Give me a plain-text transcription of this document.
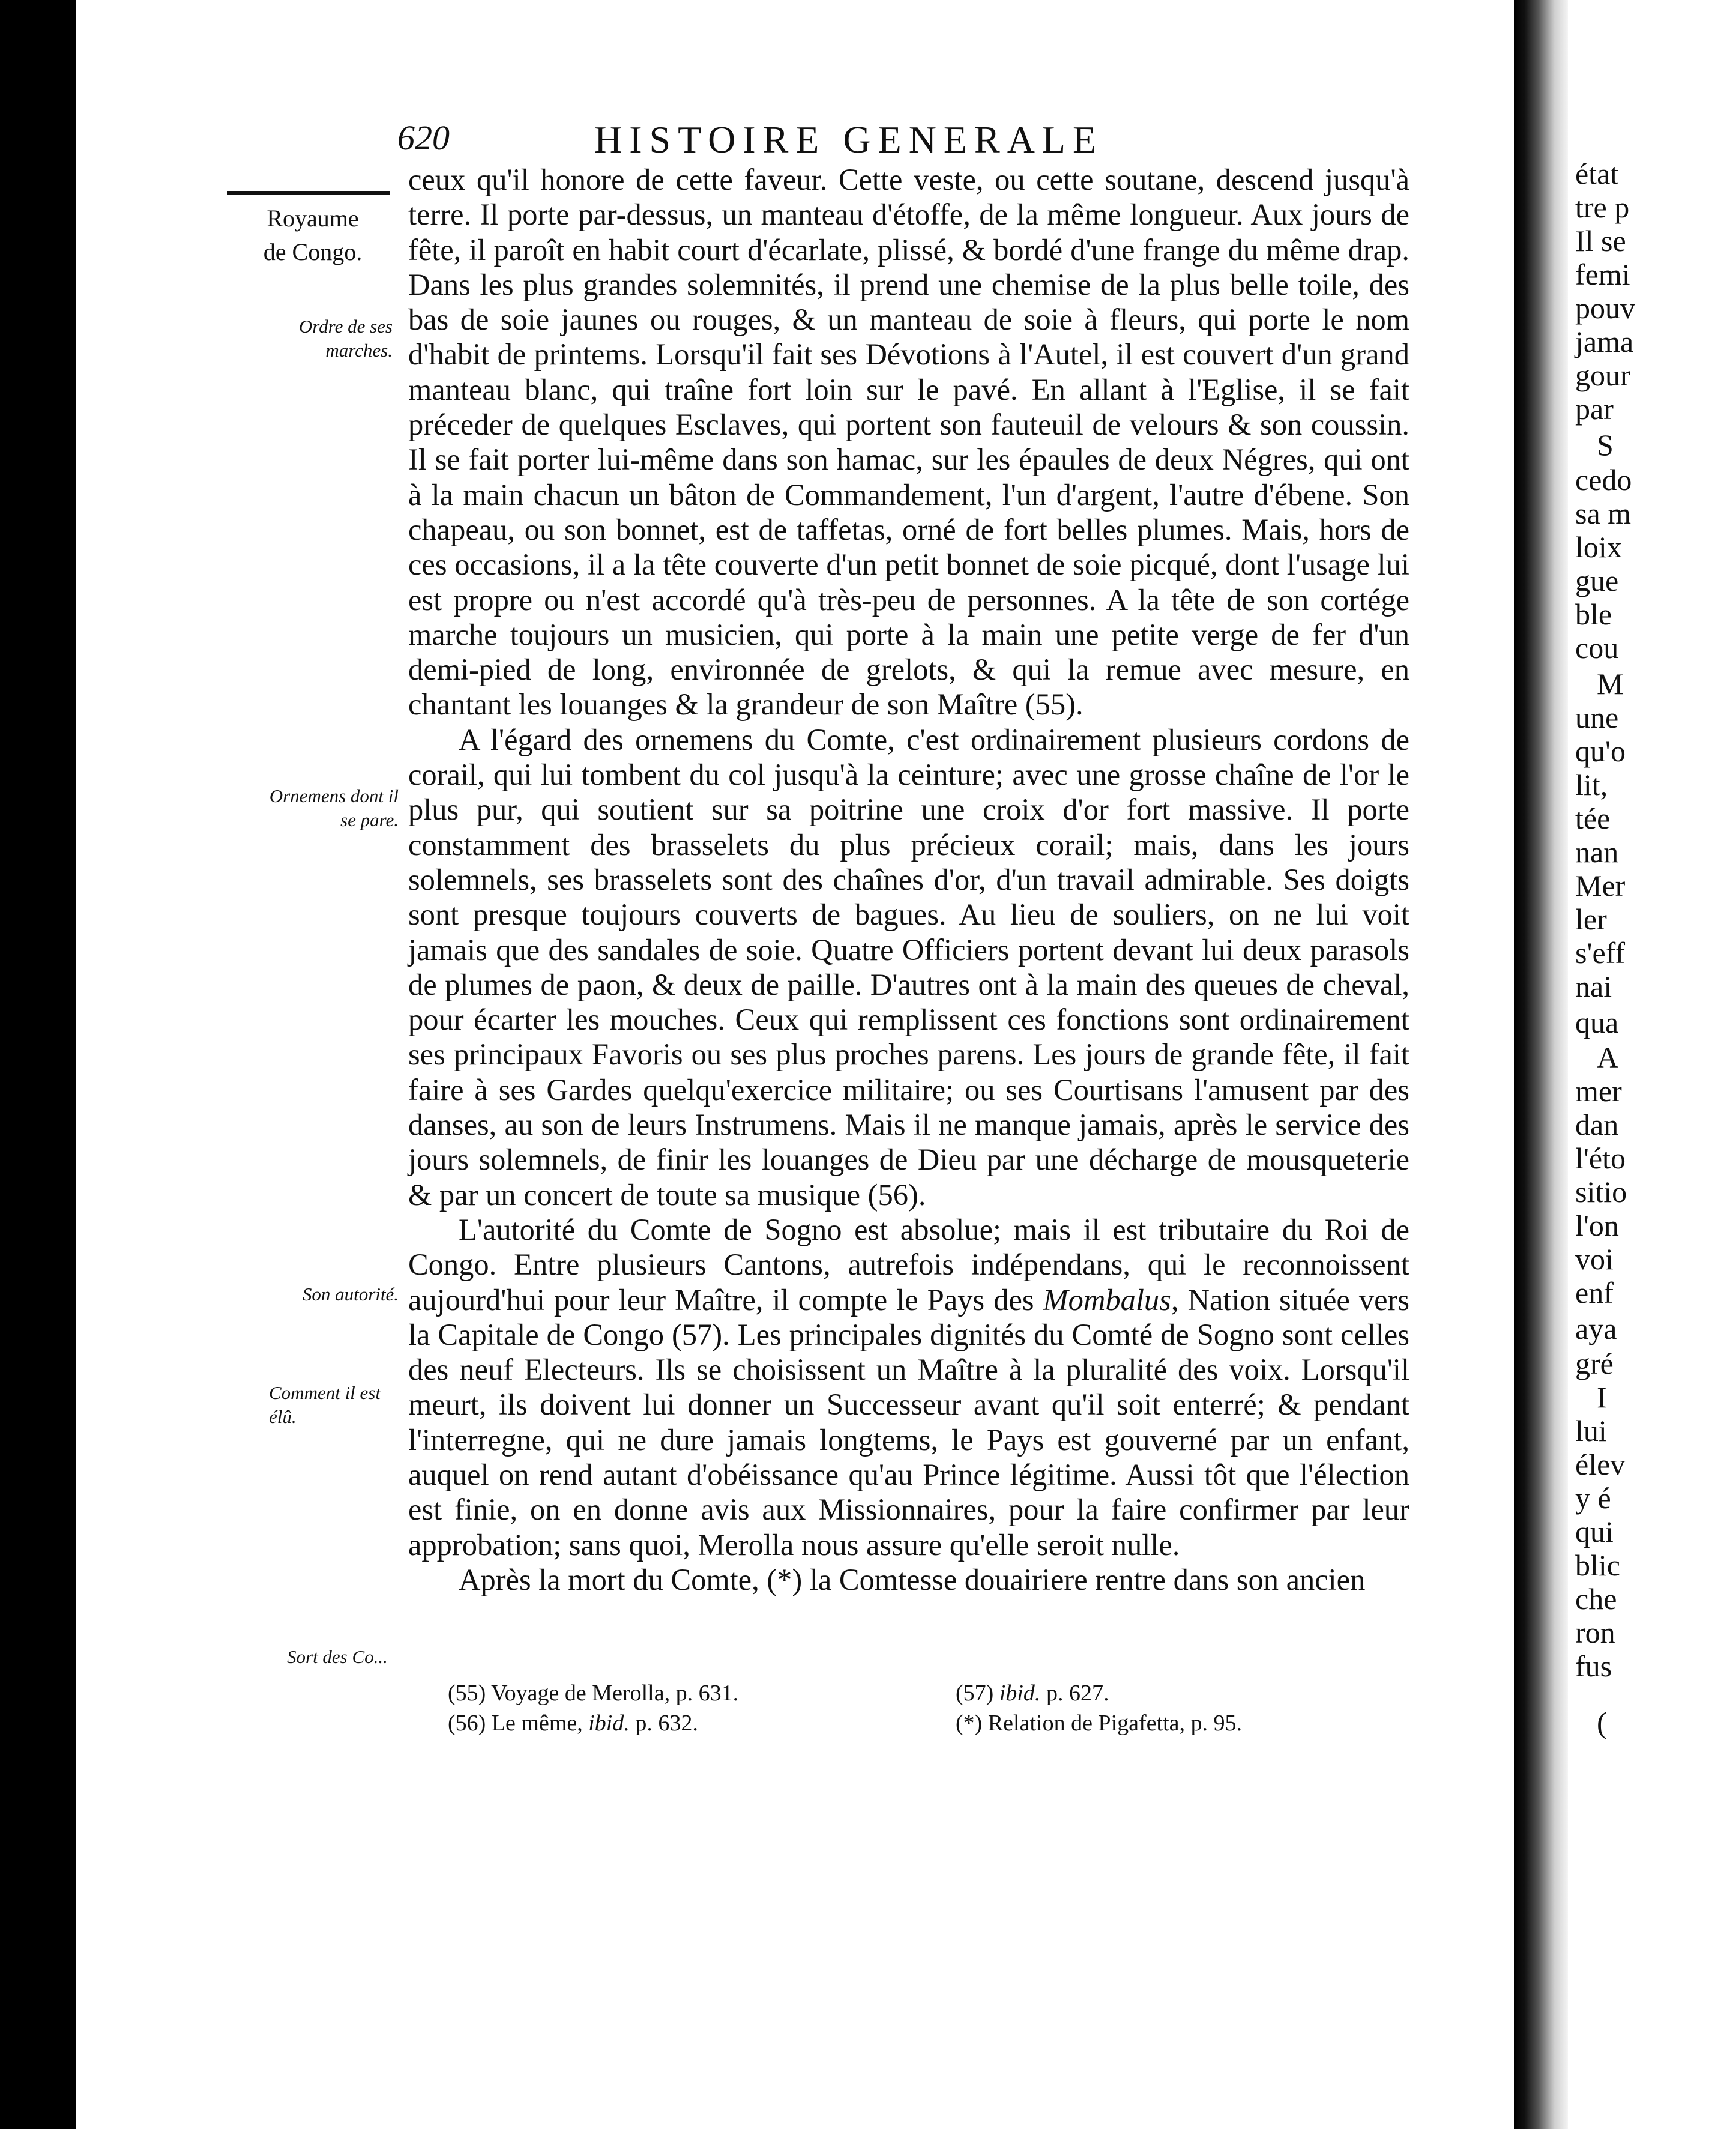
620	HISTOIRE GENERALE
Royaume
de Congo.
Ordre de ses marches.
Ornemens dont il se pare.
Son autorité.
Comment il est élû.
Sort des Co...

ceux qu'il honore de cette faveur. Cette veste, ou cette soutane, descend jusqu'à terre. Il porte par-dessus, un manteau d'étoffe, de la même longueur. Aux jours de fête, il paroît en habit court d'écarlate, plissé, & bordé d'une frange du même drap. Dans les plus grandes solemnités, il prend une chemise de la plus belle toile, des bas de soie jaunes ou rouges, & un manteau de soie à fleurs, qui porte le nom d'habit de printems. Lorsqu'il fait ses Dévotions à l'Autel, il est couvert d'un grand manteau blanc, qui traîne fort loin sur le pavé. En allant à l'Eglise, il se fait préceder de quelques Esclaves, qui portent son fauteuil de velours & son coussin. Il se fait porter lui-même dans son hamac, sur les épaules de deux Négres, qui ont à la main chacun un bâton de Commandement, l'un d'argent, l'autre d'ébene. Son chapeau, ou son bonnet, est de taffetas, orné de fort belles plumes. Mais, hors de ces occasions, il a la tête couverte d'un petit bonnet de soie picqué, dont l'usage lui est propre ou n'est accordé qu'à très-peu de personnes. A la tête de son cortége marche toujours un musicien, qui porte à la main une petite verge de fer d'un demi-pied de long, environnée de grelots, & qui la remue avec mesure, en chantant les louanges & la grandeur de son Maître (55).

A l'égard des ornemens du Comte, c'est ordinairement plusieurs cordons de corail, qui lui tombent du col jusqu'à la ceinture; avec une grosse chaîne de l'or le plus pur, qui soutient sur sa poitrine une croix d'or fort massive. Il porte constamment des brasselets du plus précieux corail; mais, dans les jours solemnels, ses brasselets sont des chaînes d'or, d'un travail admirable. Ses doigts sont presque toujours couverts de bagues. Au lieu de souliers, on ne lui voit jamais que des sandales de soie. Quatre Officiers portent devant lui deux parasols de plumes de paon, & deux de paille. D'autres ont à la main des queues de cheval, pour écarter les mouches. Ceux qui remplissent ces fonctions sont ordinairement ses principaux Favoris ou ses plus proches parens. Les jours de grande fête, il fait faire à ses Gardes quelqu'exercice militaire; ou ses Courtisans l'amusent par des danses, au son de leurs Instrumens. Mais il ne manque jamais, après le service des jours solemnels, de finir les louanges de Dieu par une décharge de mousqueterie & par un concert de toute sa musique (56).

L'autorité du Comte de Sogno est absolue; mais il est tributaire du Roi de Congo. Entre plusieurs Cantons, autrefois indépendans, qui le reconnoissent aujourd'hui pour leur Maître, il compte le Pays des Mombalus, Nation située vers la Capitale de Congo (57). Les principales dignités du Comté de Sogno sont celles des neuf Electeurs. Ils se choisissent un Maître à la pluralité des voix. Lorsqu'il meurt, ils doivent lui donner un Successeur avant qu'il soit enterré; & pendant l'interregne, qui ne dure jamais longtems, le Pays est gouverné par un enfant, auquel on rend autant d'obéissance qu'au Prince légitime. Aussi tôt que l'élection est finie, on en donne avis aux Missionnaires, pour la faire confirmer par leur approbation; sans quoi, Merolla nous assure qu'elle seroit nulle.

Après la mort du Comte, (*) la Comtesse douairiere rentre dans son ancien

(55) Voyage de Merolla, p. 631.
(56) Le même, ibid. p. 632.
(57) ibid. p. 627.
(*) Relation de Pigafetta, p. 95.
état
tre p
Il se
femi
pouv
jama
gour
par
S
cedo
sa m
loix
gue
ble
cou
M
une
qu'o
lit,
tée
nan
Mer
ler
s'eff
nai
qua
A
mer
dan
l'éto
sitio
l'on
voi
enf
aya
gré
I
lui
élev
y é
qui
blic
che
ron
fus
(
